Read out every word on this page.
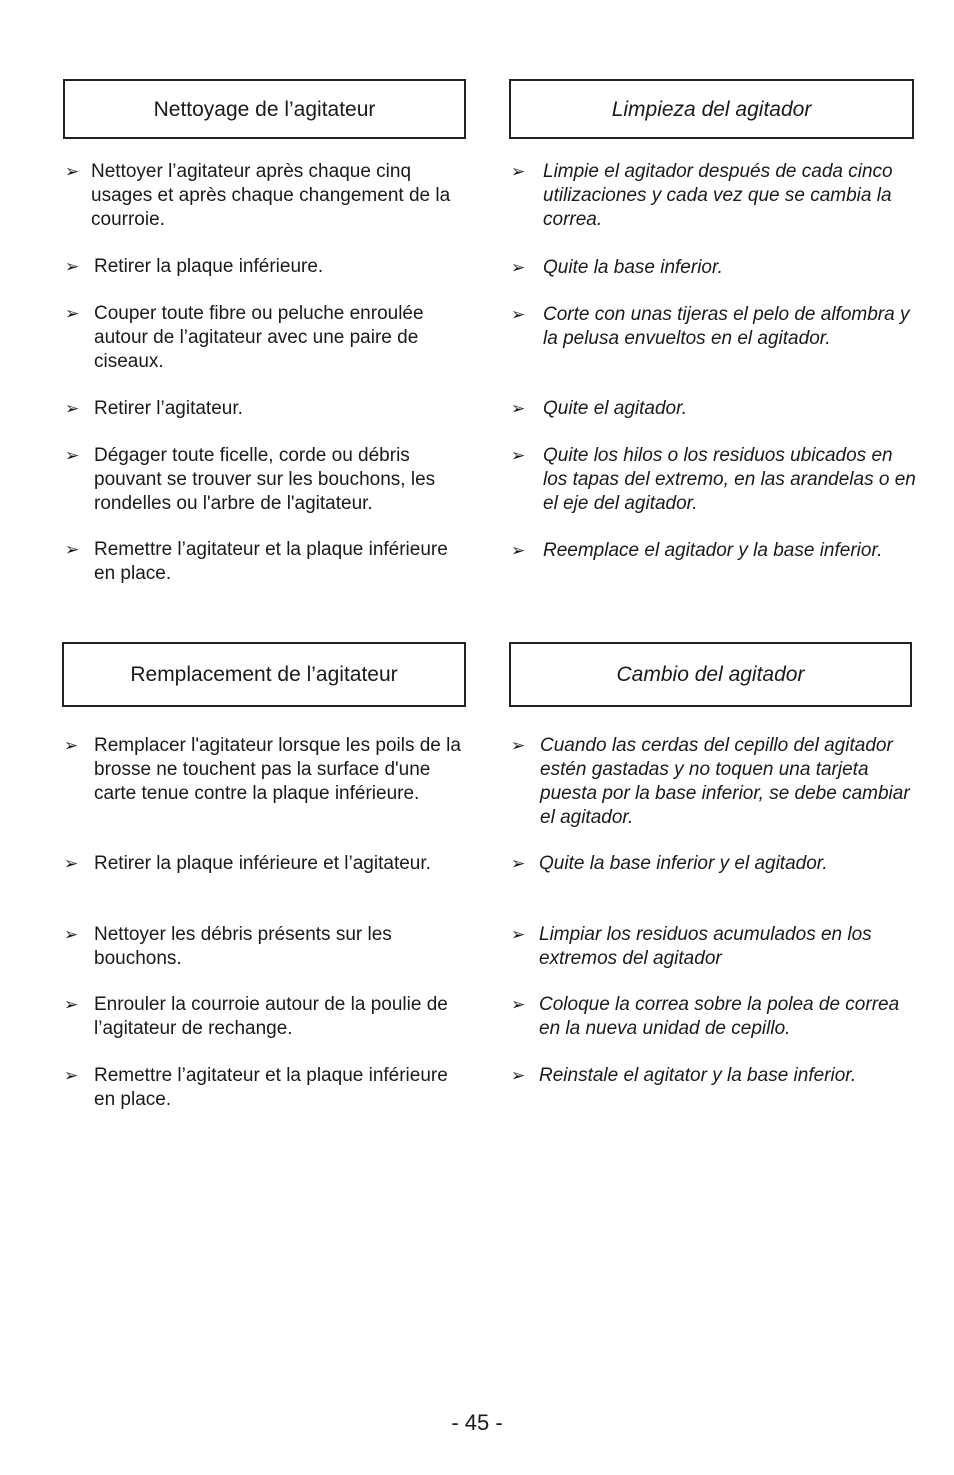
Nettoyage de l’agitateur
➢ Nettoyer l’agitateur après chaque cinq usages et après chaque changement de la courroie.
➢ Retirer la plaque inférieure.
➢ Couper toute fibre ou peluche enroulée autour de l’agitateur avec une paire de ciseaux.
➢ Retirer l’agitateur.
➢ Dégager toute ficelle, corde ou débris pouvant se trouver sur les bouchons, les rondelles ou l'arbre de l'agitateur.
➢ Remettre l’agitateur et la plaque inférieure en place.
Limpieza del agitador
➢ Limpie el agitador después de cada cinco utilizaciones y cada vez que se cambia la correa.
➢ Quite la base inferior.
➢ Corte con unas tijeras el pelo de alfombra y la pelusa envueltos en el agitador.
➢ Quite el agitador.
➢ Quite los hilos o los residuos ubicados en los tapas del extremo, en las arandelas o en el eje del agitador.
➢ Reemplace el agitador y la base inferior.
Remplacement de l’agitateur
➢ Remplacer l'agitateur lorsque les poils de la brosse ne touchent pas la surface d'une carte tenue contre la plaque inférieure.
➢ Retirer la plaque inférieure et l’agitateur.
➢ Nettoyer les débris présents sur les bouchons.
➢ Enrouler la courroie autour de la poulie de l’agitateur de rechange.
➢ Remettre l’agitateur et la plaque inférieure en place.
Cambio del agitador
➢ Cuando las cerdas del cepillo del agitador estén gastadas y no toquen una tarjeta puesta por la base inferior, se debe cambiar el agitador.
➢ Quite la base inferior y el agitador.
➢ Limpiar los residuos acumulados en los extremos del agitador
➢ Coloque la correa sobre la polea de correa en la nueva unidad de cepillo.
➢ Reinstale el agitator y la base inferior.
- 45 -
